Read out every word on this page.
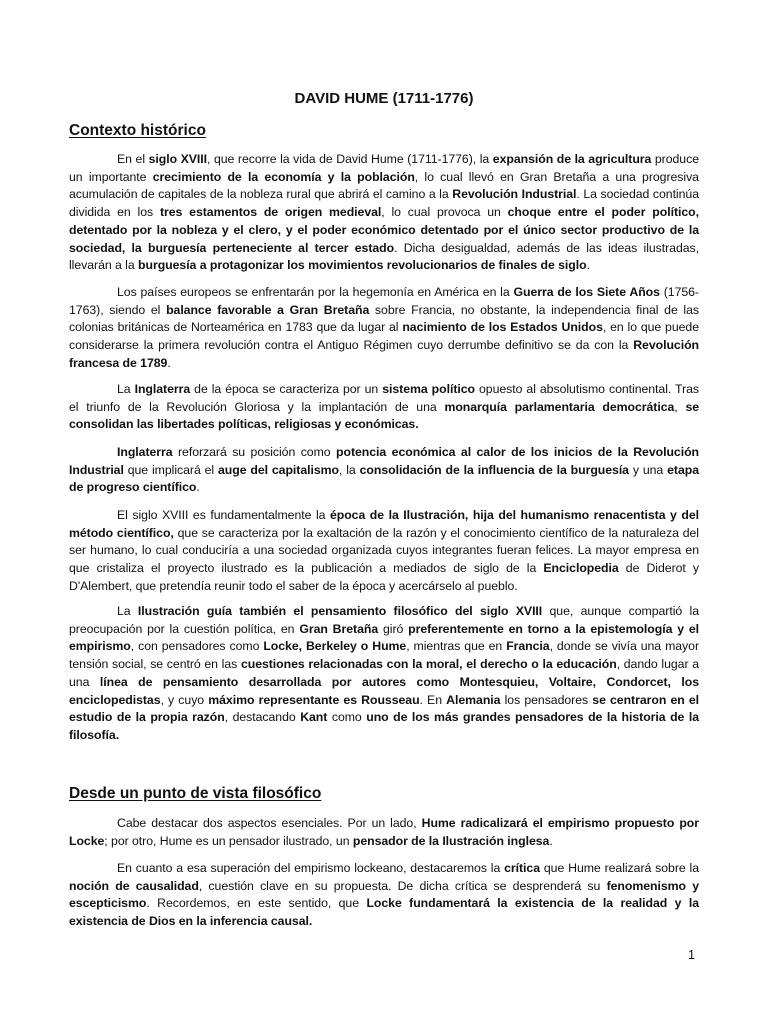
DAVID HUME (1711-1776)
Contexto histórico

En el siglo XVIII, que recorre la vida de David Hume (1711-1776), la expansión de la agricultura produce un importante crecimiento de la economía y la población, lo cual llevó en Gran Bretaña a una progresiva acumulación de capitales de la nobleza rural que abrirá el camino a la Revolución Industrial. La sociedad continúa dividida en los tres estamentos de origen medieval, lo cual provoca un choque entre el poder político, detentado por la nobleza y el clero, y el poder económico detentado por el único sector productivo de la sociedad, la burguesía perteneciente al tercer estado. Dicha desigualdad, además de las ideas ilustradas, llevarán a la burguesía a protagonizar los movimientos revolucionarios de finales de siglo.

Los países europeos se enfrentarán por la hegemonía en América en la Guerra de los Siete Años (1756-1763), siendo el balance favorable a Gran Bretaña sobre Francia, no obstante, la independencia final de las colonias británicas de Norteamérica en 1783 que da lugar al nacimiento de los Estados Unidos, en lo que puede considerarse la primera revolución contra el Antiguo Régimen cuyo derrumbe definitivo se da con la Revolución francesa de 1789.

La Inglaterra de la época se caracteriza por un sistema político opuesto al absolutismo continental. Tras el triunfo de la Revolución Gloriosa y la implantación de una monarquía parlamentaria democrática, se consolidan las libertades políticas, religiosas y económicas.

Inglaterra reforzará su posición como potencia económica al calor de los inicios de la Revolución Industrial que implicará el auge del capitalismo, la consolidación de la influencia de la burguesía y una etapa de progreso científico.

El siglo XVIII es fundamentalmente la época de la Ilustración, hija del humanismo renacentista y del método científico, que se caracteriza por la exaltación de la razón y el conocimiento científico de la naturaleza del ser humano, lo cual conduciría a una sociedad organizada cuyos integrantes fueran felices. La mayor empresa en que cristaliza el proyecto ilustrado es la publicación a mediados de siglo de la Enciclopedia de Diderot y D'Alembert, que pretendía reunir todo el saber de la época y acercárselo al pueblo.

La Ilustración guía también el pensamiento filosófico del siglo XVIII que, aunque compartió la preocupación por la cuestión política, en Gran Bretaña giró preferentemente en torno a la epistemología y el empirismo, con pensadores como Locke, Berkeley o Hume, mientras que en Francia, donde se vivía una mayor tensión social, se centró en las cuestiones relacionadas con la moral, el derecho o la educación, dando lugar a una línea de pensamiento desarrollada por autores como Montesquieu, Voltaire, Condorcet, los enciclopedistas, y cuyo máximo representante es Rousseau. En Alemania los pensadores se centraron en el estudio de la propia razón, destacando Kant como uno de los más grandes pensadores de la historia de la filosofía.

Desde un punto de vista filosófico

Cabe destacar dos aspectos esenciales. Por un lado, Hume radicalizará el empirismo propuesto por Locke; por otro, Hume es un pensador ilustrado, un pensador de la Ilustración inglesa.

En cuanto a esa superación del empirismo lockeano, destacaremos la crítica que Hume realizará sobre la noción de causalidad, cuestión clave en su propuesta. De dicha crítica se desprenderá su fenomenismo y escepticismo. Recordemos, en este sentido, que Locke fundamentará la existencia de la realidad y la existencia de Dios en la inferencia causal.

1
